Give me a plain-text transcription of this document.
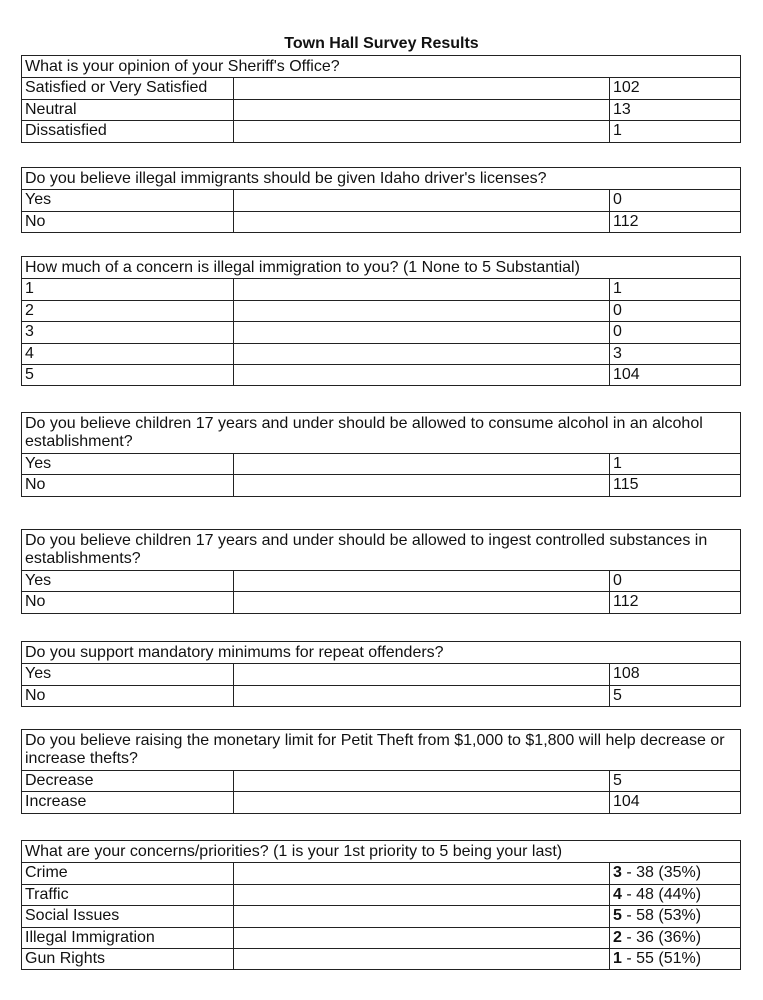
Town Hall Survey Results
What is your opinion of your Sheriff's Office?
Satisfied or Very Satisfied	102
Neutral	13
Dissatisfied	1
Do you believe illegal immigrants should be given Idaho driver's licenses?
Yes	0
No	112
How much of a concern is illegal immigration to you? (1 None to 5 Substantial)
1	1
2	0
3	0
4	3
5	104
Do you believe children 17 years and under should be allowed to consume alcohol in an alcohol establishment?
Yes	1
No	115
Do you believe children 17 years and under should be allowed to ingest controlled substances in establishments?
Yes	0
No	112
Do you support mandatory minimums for repeat offenders?
Yes	108
No	5
Do you believe raising the monetary limit for Petit Theft from $1,000 to $1,800 will help decrease or increase thefts?
Decrease	5
Increase	104
What are your concerns/priorities? (1 is your 1st priority to 5 being your last)
Crime	3 - 38 (35%)
Traffic	4 - 48 (44%)
Social Issues	5 - 58 (53%)
Illegal Immigration	2 - 36 (36%)
Gun Rights	1 - 55 (51%)
